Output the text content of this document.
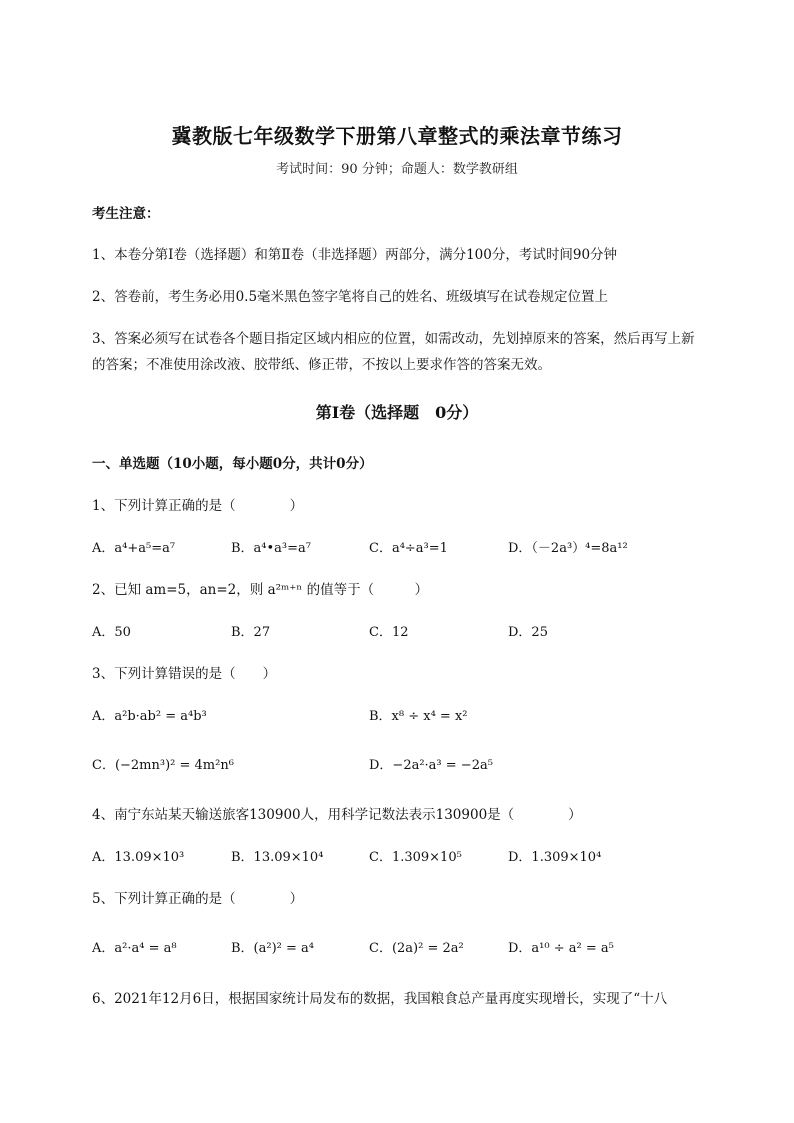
冀教版七年级数学下册第八章整式的乘法章节练习
考试时间：90 分钟；命题人：数学教研组
考生注意：
1、本卷分第Ⅰ卷（选择题）和第Ⅱ卷（非选择题）两部分，满分100分，考试时间90分钟
2、答卷前，考生务必用0.5毫米黑色签字笔将自己的姓名、班级填写在试卷规定位置上
3、答案必须写在试卷各个题目指定区域内相应的位置，如需改动，先划掉原来的答案，然后再写上新
的答案；不准使用涂改液、胶带纸、修正带，不按以上要求作答的答案无效。
第Ⅰ卷（选择题　0分）
一、单选题（10小题，每小题0分，共计0分）
1、下列计算正确的是（　　　　）
A．a⁴+a⁵=a⁷	B．a⁴•a³=a⁷	C．a⁴÷a³=1	D．（－2a³）⁴=8a¹²
2、已知 am=5，an=2，则 a²ᵐ⁺ⁿ 的值等于（　　　）
A．50	B．27	C．12	D．25
3、下列计算错误的是（　　）
A．a²b·ab² = a⁴b³	B．x⁸ ÷ x⁴ = x²
C．(−2mn³)² = 4m²n⁶	D．−2a²·a³ = −2a⁵
4、南宁东站某天输送旅客130900人，用科学记数法表示130900是（　　　　）
A．13.09×10³	B．13.09×10⁴	C．1.309×10⁵	D．1.309×10⁴
5、下列计算正确的是（　　　　）
A．a²·a⁴ = a⁸	B．(a²)² = a⁴	C．(2a)² = 2a²	D．a¹⁰ ÷ a² = a⁵
6、2021年12月6日，根据国家统计局发布的数据，我国粮食总产量再度实现增长，实现了“十八
